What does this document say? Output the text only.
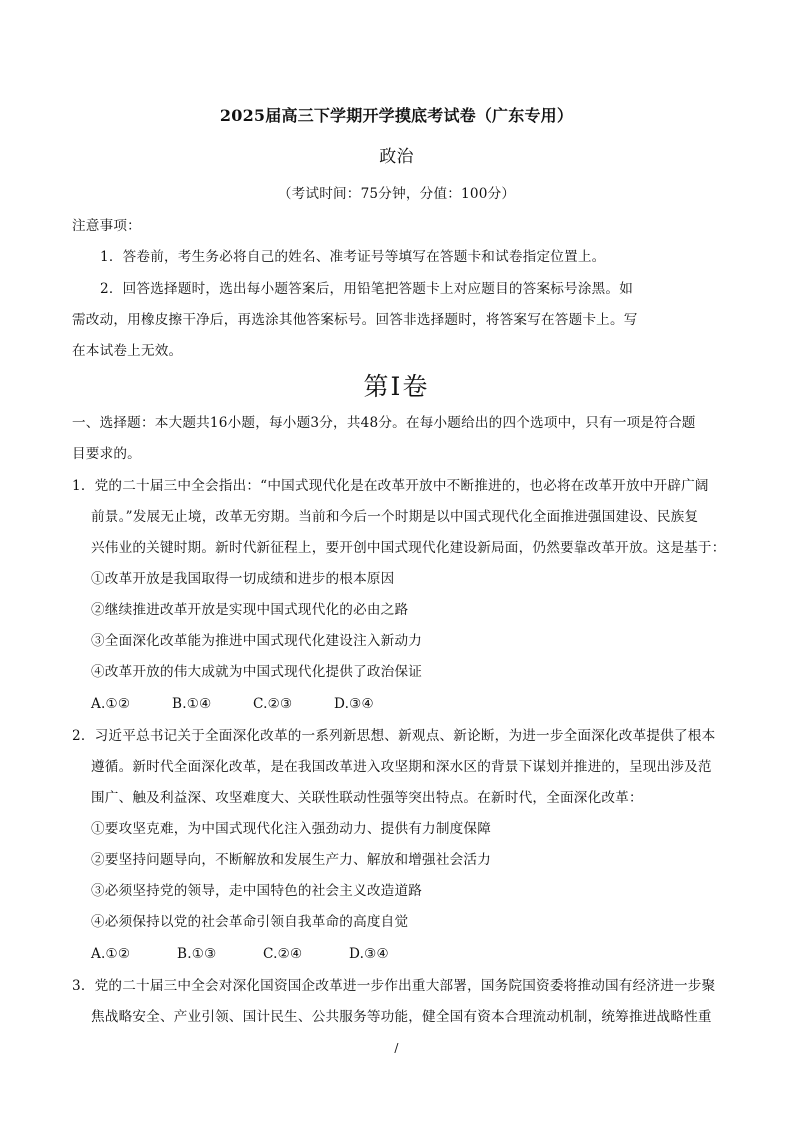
2025届高三下学期开学摸底考试卷（广东专用）
政治
（考试时间：75分钟，分值：100分）
注意事项：
1．答卷前，考生务必将自己的姓名、准考证号等填写在答题卡和试卷指定位置上。
2．回答选择题时，选出每小题答案后，用铅笔把答题卡上对应题目的答案标号涂黑。如
需改动，用橡皮擦干净后，再选涂其他答案标号。回答非选择题时，将答案写在答题卡上。写
在本试卷上无效。
第Ⅰ卷
一、选择题：本大题共16小题，每小题3分，共48分。在每小题给出的四个选项中，只有一项是符合题
目要求的。
1．党的二十届三中全会指出：“中国式现代化是在改革开放中不断推进的，也必将在改革开放中开辟广阔
前景。”发展无止境，改革无穷期。当前和今后一个时期是以中国式现代化全面推进强国建设、民族复
兴伟业的关键时期。新时代新征程上，要开创中国式现代化建设新局面，仍然要靠改革开放。这是基于：
①改革开放是我国取得一切成绩和进步的根本原因
②继续推进改革开放是实现中国式现代化的必由之路
③全面深化改革能为推进中国式现代化建设注入新动力
④改革开放的伟大成就为中国式现代化提供了政治保证
A.①②	B.①④	C.②③	D.③④
2．习近平总书记关于全面深化改革的一系列新思想、新观点、新论断，为进一步全面深化改革提供了根本
遵循。新时代全面深化改革，是在我国改革进入攻坚期和深水区的背景下谋划并推进的，呈现出涉及范
围广、触及利益深、攻坚难度大、关联性联动性强等突出特点。在新时代，全面深化改革：
①要攻坚克难，为中国式现代化注入强劲动力、提供有力制度保障
②要坚持问题导向，不断解放和发展生产力、解放和增强社会活力
③必须坚持党的领导，走中国特色的社会主义改造道路
④必须保持以党的社会革命引领自我革命的高度自觉
A.①②	B.①③	C.②④	D.③④
3．党的二十届三中全会对深化国资国企改革进一步作出重大部署，国务院国资委将推动国有经济进一步聚
焦战略安全、产业引领、国计民生、公共服务等功能，健全国有资本合理流动机制，统筹推进战略性重
/
